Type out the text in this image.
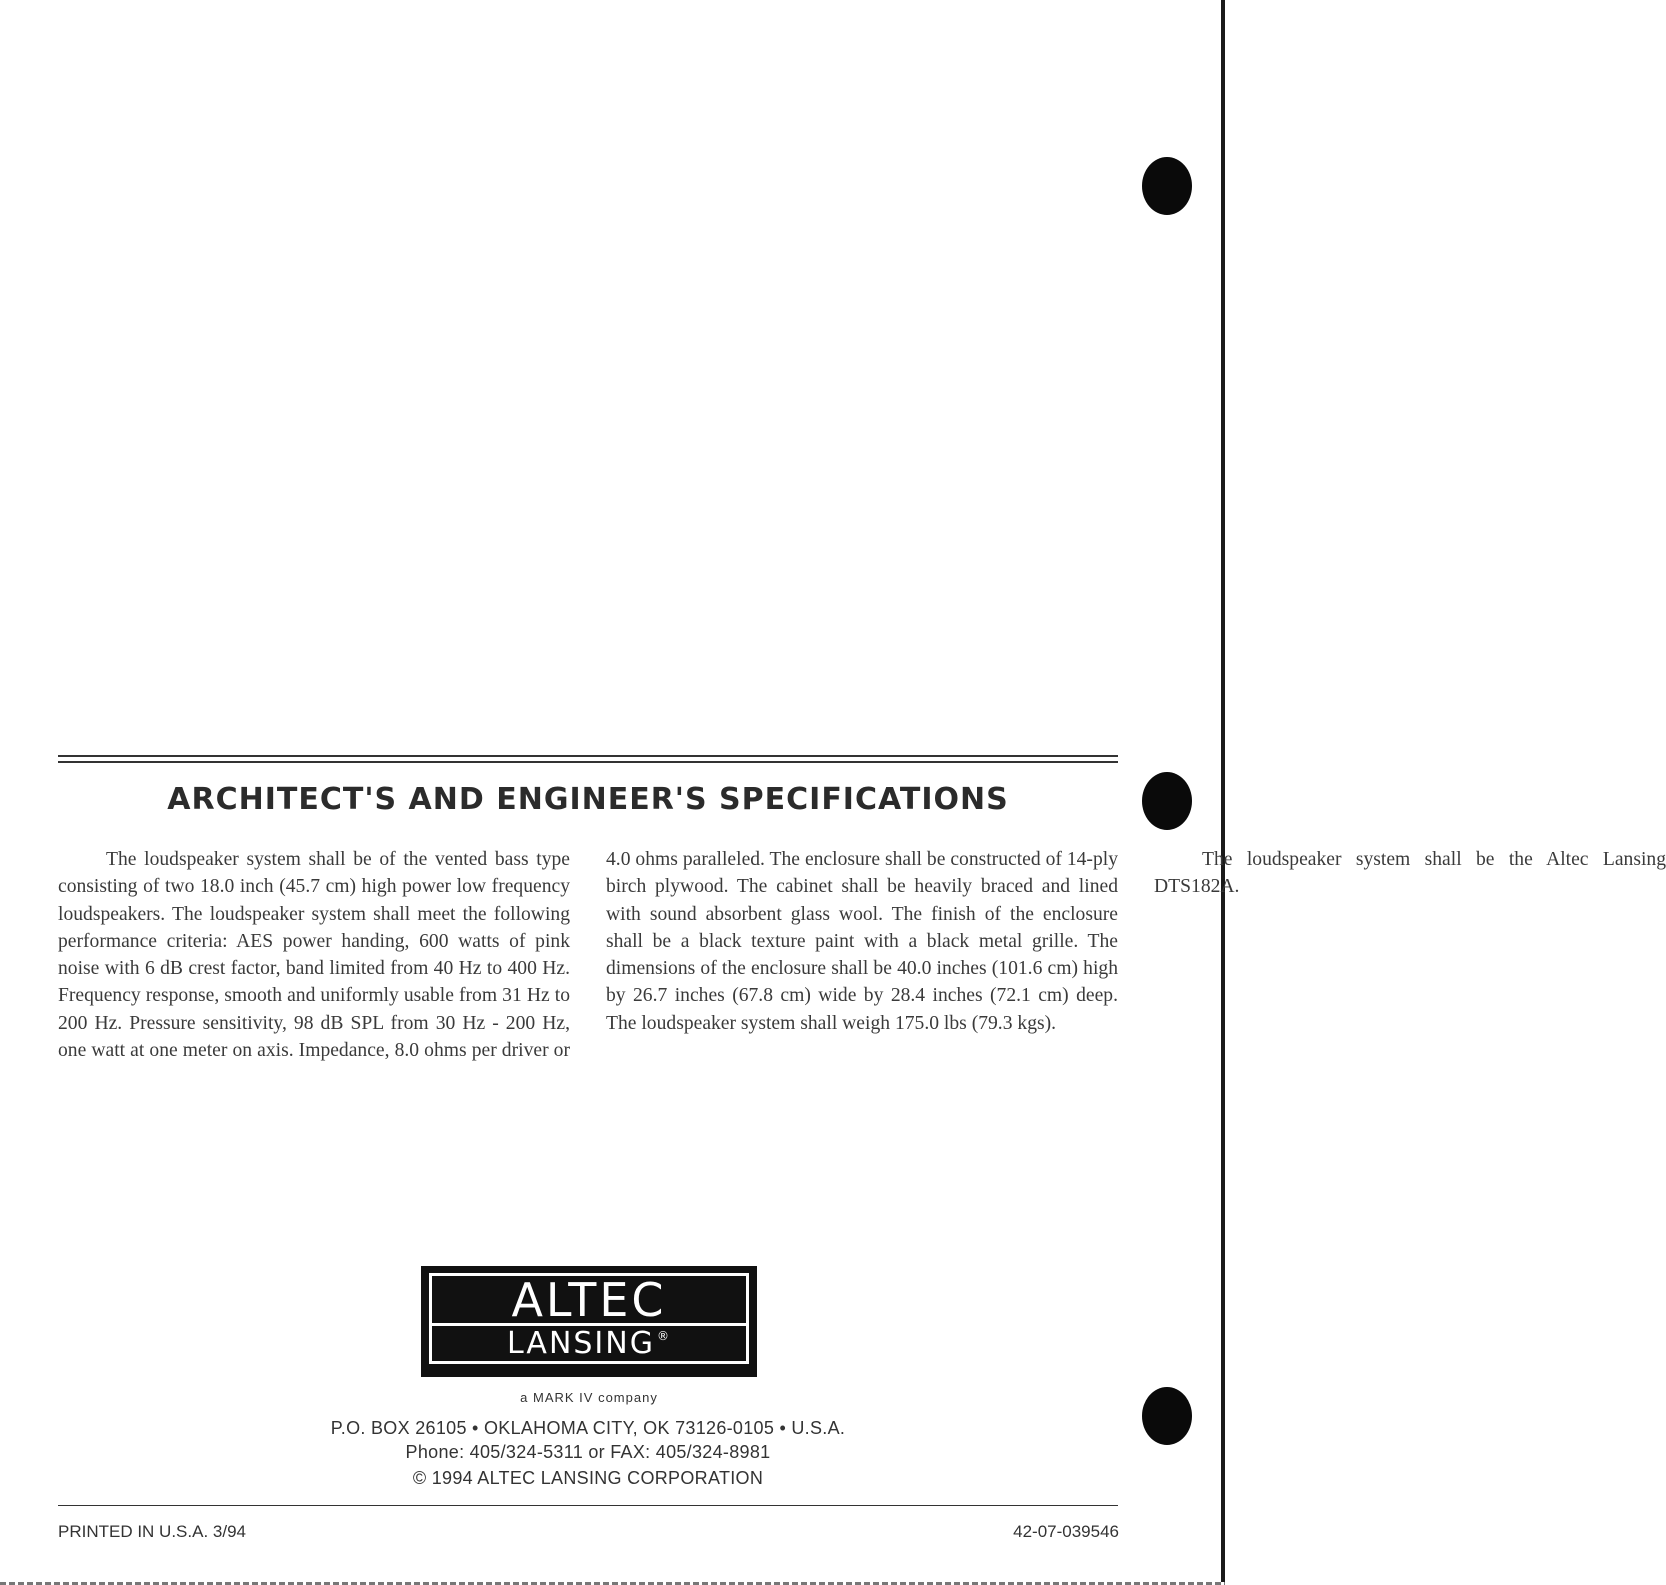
ARCHITECT'S AND ENGINEER'S SPECIFICATIONS

The loudspeaker system shall be of the vented bass type consisting of two 18.0 inch (45.7 cm) high power low frequency loudspeakers. The loudspeaker system shall meet the following performance criteria: AES power handing, 600 watts of pink noise with 6 dB crest factor, band limited from 40 Hz to 400 Hz. Frequency response, smooth and uniformly usable from 31 Hz to 200 Hz. Pressure sensitivity, 98 dB SPL from 30 Hz - 200 Hz, one watt at one meter on axis. Impedance, 8.0 ohms per driver or 4.0 ohms paralleled. The enclosure shall be constructed of 14-ply birch plywood. The cabinet shall be heavily braced and lined with sound absorbent glass wool. The finish of the enclosure shall be a black texture paint with a black metal grille. The dimensions of the enclosure shall be 40.0 inches (101.6 cm) high by 26.7 inches (67.8 cm) wide by 28.4 inches (72.1 cm) deep. The loudspeaker system shall weigh 175.0 lbs (79.3 kgs).

The loudspeaker system shall be the Altec Lansing DTS182A.

ALTEC
LANSING ®
a MARK IV company
P.O. BOX 26105 • OKLAHOMA CITY, OK 73126-0105 • U.S.A.
Phone: 405/324-5311 or FAX: 405/324-8981
© 1994 ALTEC LANSING CORPORATION
PRINTED IN U.S.A. 3/94	42-07-039546
